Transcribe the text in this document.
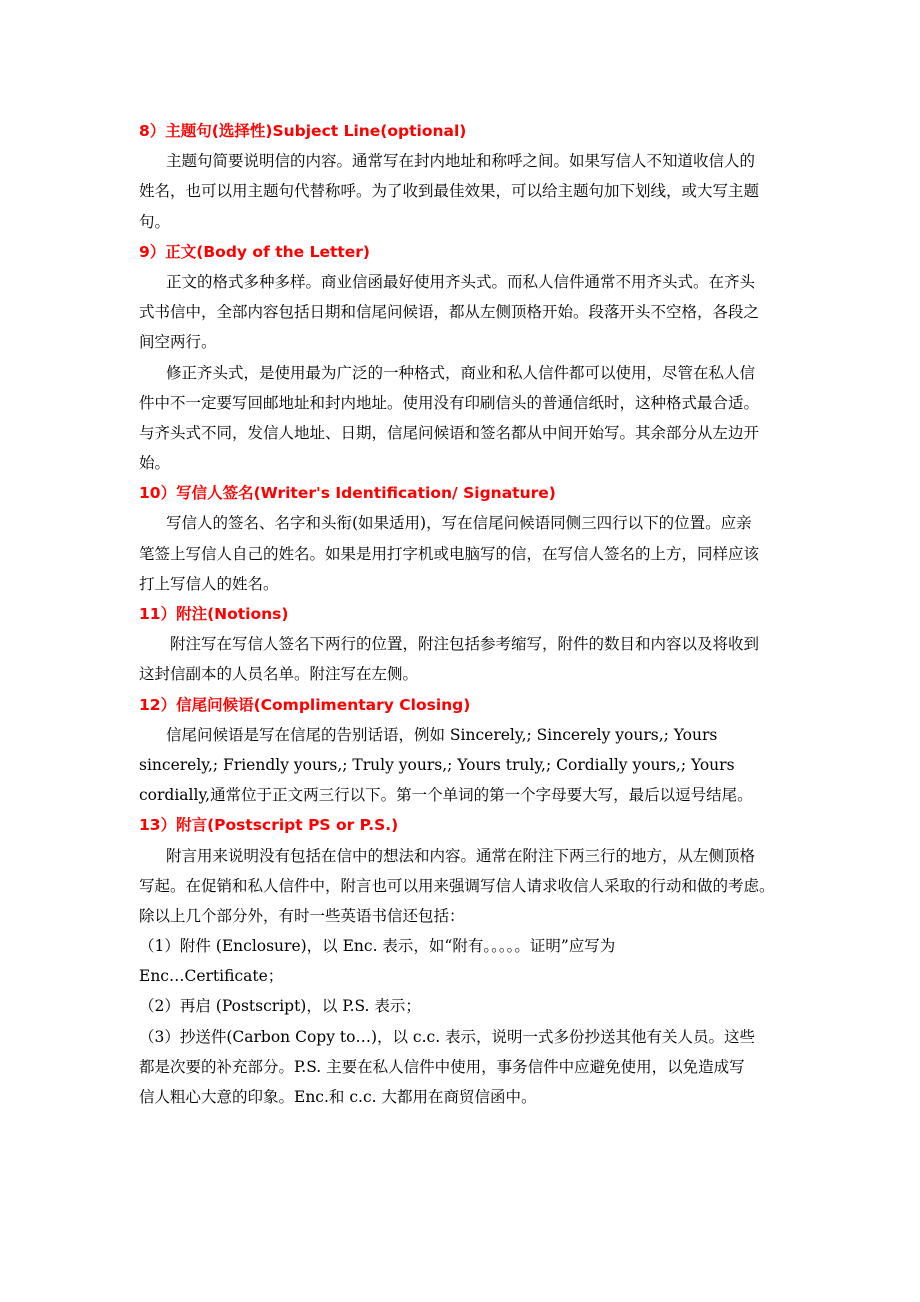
8）主题句(选择性)Subject Line(optional)
主题句简要说明信的内容。通常写在封内地址和称呼之间。如果写信人不知道收信人的
姓名，也可以用主题句代替称呼。为了收到最佳效果，可以给主题句加下划线，或大写主题
句。
9）正文(Body of the Letter)
正文的格式多种多样。商业信函最好使用齐头式。而私人信件通常不用齐头式。在齐头
式书信中，全部内容包括日期和信尾问候语，都从左侧顶格开始。段落开头不空格，各段之
间空两行。
修正齐头式，是使用最为广泛的一种格式，商业和私人信件都可以使用，尽管在私人信
件中不一定要写回邮地址和封内地址。使用没有印刷信头的普通信纸时，这种格式最合适。
与齐头式不同，发信人地址、日期，信尾问候语和签名都从中间开始写。其余部分从左边开
始。
10）写信人签名(Writer's Identification/ Signature)
写信人的签名、名字和头衔(如果适用)，写在信尾问候语同侧三四行以下的位置。应亲
笔签上写信人自己的姓名。如果是用打字机或电脑写的信，在写信人签名的上方，同样应该
打上写信人的姓名。
11）附注(Notions)
附注写在写信人签名下两行的位置，附注包括参考缩写，附件的数目和内容以及将收到
这封信副本的人员名单。附注写在左侧。
12）信尾问候语(Complimentary Closing)
信尾问候语是写在信尾的告别话语，例如 Sincerely,; Sincerely yours,; Yours
sincerely,; Friendly yours,; Truly yours,; Yours truly,; Cordially yours,; Yours
cordially,通常位于正文两三行以下。第一个单词的第一个字母要大写，最后以逗号结尾。
13）附言(Postscript PS or P.S.)
附言用来说明没有包括在信中的想法和内容。通常在附注下两三行的地方，从左侧顶格
写起。在促销和私人信件中，附言也可以用来强调写信人请求收信人采取的行动和做的考虑。
除以上几个部分外，有时一些英语书信还包括：
（1）附件 (Enclosure)，以 Enc. 表示，如“附有。。。。。证明”应写为
Enc…Certificate；
（2）再启 (Postscript)，以 P.S. 表示；
（3）抄送件(Carbon Copy to…)，以 c.c. 表示，说明一式多份抄送其他有关人员。这些
都是次要的补充部分。P.S. 主要在私人信件中使用，事务信件中应避免使用，以免造成写
信人粗心大意的印象。Enc.和 c.c. 大都用在商贸信函中。
